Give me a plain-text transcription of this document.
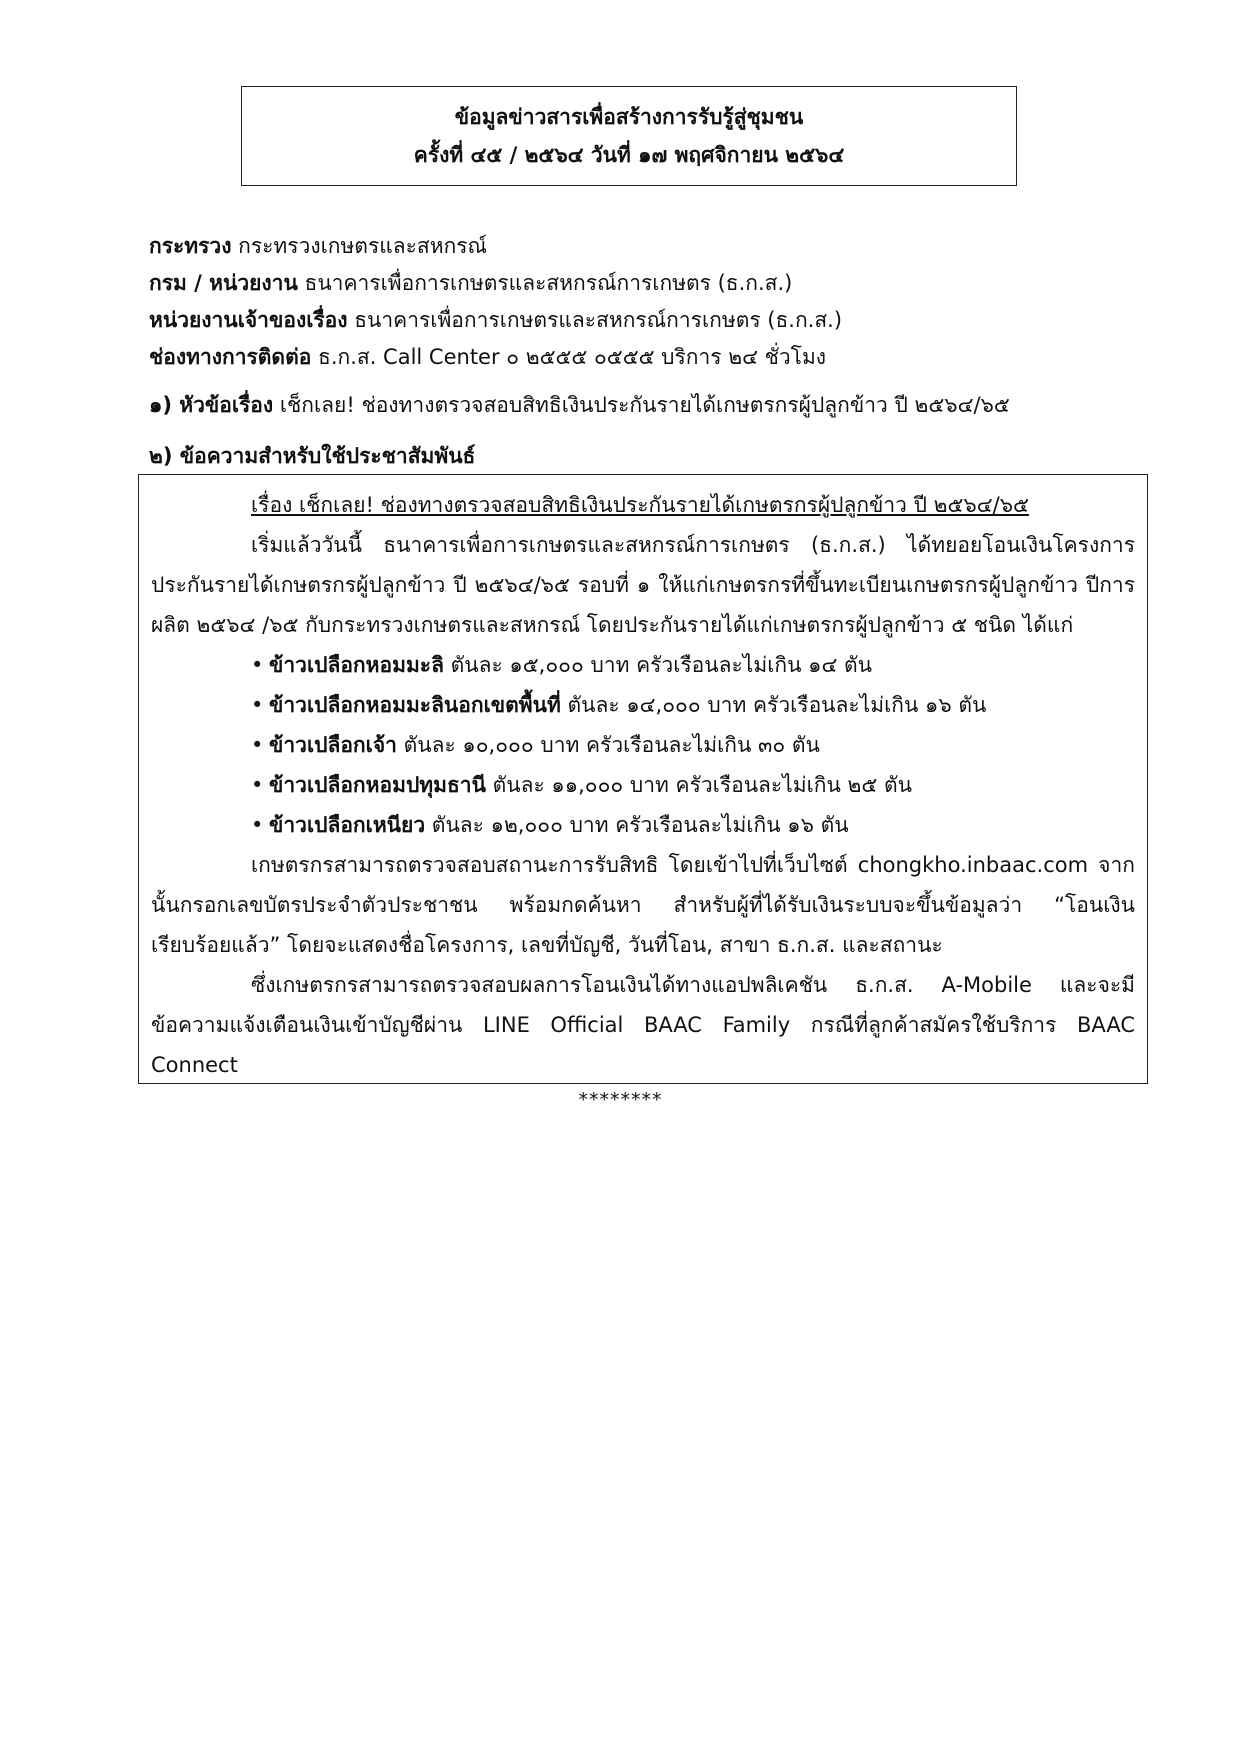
ข้อมูลข่าวสารเพื่อสร้างการรับรู้สู่ชุมชน
ครั้งที่ ๔๕ / ๒๕๖๔ วันที่ ๑๗ พฤศจิกายน ๒๕๖๔
กระทรวง กระทรวงเกษตรและสหกรณ์
กรม / หน่วยงาน ธนาคารเพื่อการเกษตรและสหกรณ์การเกษตร (ธ.ก.ส.)
หน่วยงานเจ้าของเรื่อง ธนาคารเพื่อการเกษตรและสหกรณ์การเกษตร (ธ.ก.ส.)
ช่องทางการติดต่อ ธ.ก.ส. Call Center ๐ ๒๕๕๕ ๐๕๕๕ บริการ ๒๔ ชั่วโมง
๑) หัวข้อเรื่อง เช็กเลย! ช่องทางตรวจสอบสิทธิเงินประกันรายได้เกษตรกรผู้ปลูกข้าว ปี ๒๕๖๔/๖๕
๒) ข้อความสำหรับใช้ประชาสัมพันธ์
เรื่อง เช็กเลย! ช่องทางตรวจสอบสิทธิเงินประกันรายได้เกษตรกรผู้ปลูกข้าว ปี ๒๕๖๔/๖๕
เริ่มแล้ววันนี้ ธนาคารเพื่อการเกษตรและสหกรณ์การเกษตร (ธ.ก.ส.) ได้ทยอยโอนเงินโครงการประกันรายได้เกษตรกรผู้ปลูกข้าว ปี ๒๕๖๔/๖๕ รอบที่ ๑ ให้แก่เกษตรกรที่ขึ้นทะเบียนเกษตรกรผู้ปลูกข้าว ปีการผลิต ๒๕๖๔ /๖๕ กับกระทรวงเกษตรและสหกรณ์ โดยประกันรายได้แก่เกษตรกรผู้ปลูกข้าว ๕ ชนิด ได้แก่
• ข้าวเปลือกหอมมะลิ ตันละ ๑๕,๐๐๐ บาท ครัวเรือนละไม่เกิน ๑๔ ตัน
• ข้าวเปลือกหอมมะลินอกเขตพื้นที่ ตันละ ๑๔,๐๐๐ บาท ครัวเรือนละไม่เกิน ๑๖ ตัน
• ข้าวเปลือกเจ้า ตันละ ๑๐,๐๐๐ บาท ครัวเรือนละไม่เกิน ๓๐ ตัน
• ข้าวเปลือกหอมปทุมธานี ตันละ ๑๑,๐๐๐ บาท ครัวเรือนละไม่เกิน ๒๕ ตัน
• ข้าวเปลือกเหนียว ตันละ ๑๒,๐๐๐ บาท ครัวเรือนละไม่เกิน ๑๖ ตัน
เกษตรกรสามารถตรวจสอบสถานะการรับสิทธิ โดยเข้าไปที่เว็บไซต์ chongkho.inbaac.com จากนั้นกรอกเลขบัตรประจำตัวประชาชน พร้อมกดค้นหา สำหรับผู้ที่ได้รับเงินระบบจะขึ้นข้อมูลว่า “โอนเงินเรียบร้อยแล้ว” โดยจะแสดงชื่อโครงการ, เลขที่บัญชี, วันที่โอน, สาขา ธ.ก.ส. และสถานะ
ซึ่งเกษตรกรสามารถตรวจสอบผลการโอนเงินได้ทางแอปพลิเคชัน ธ.ก.ส. A-Mobile และจะมีข้อความแจ้งเตือนเงินเข้าบัญชีผ่าน LINE Official BAAC Family กรณีที่ลูกค้าสมัครใช้บริการ BAAC Connect
********
